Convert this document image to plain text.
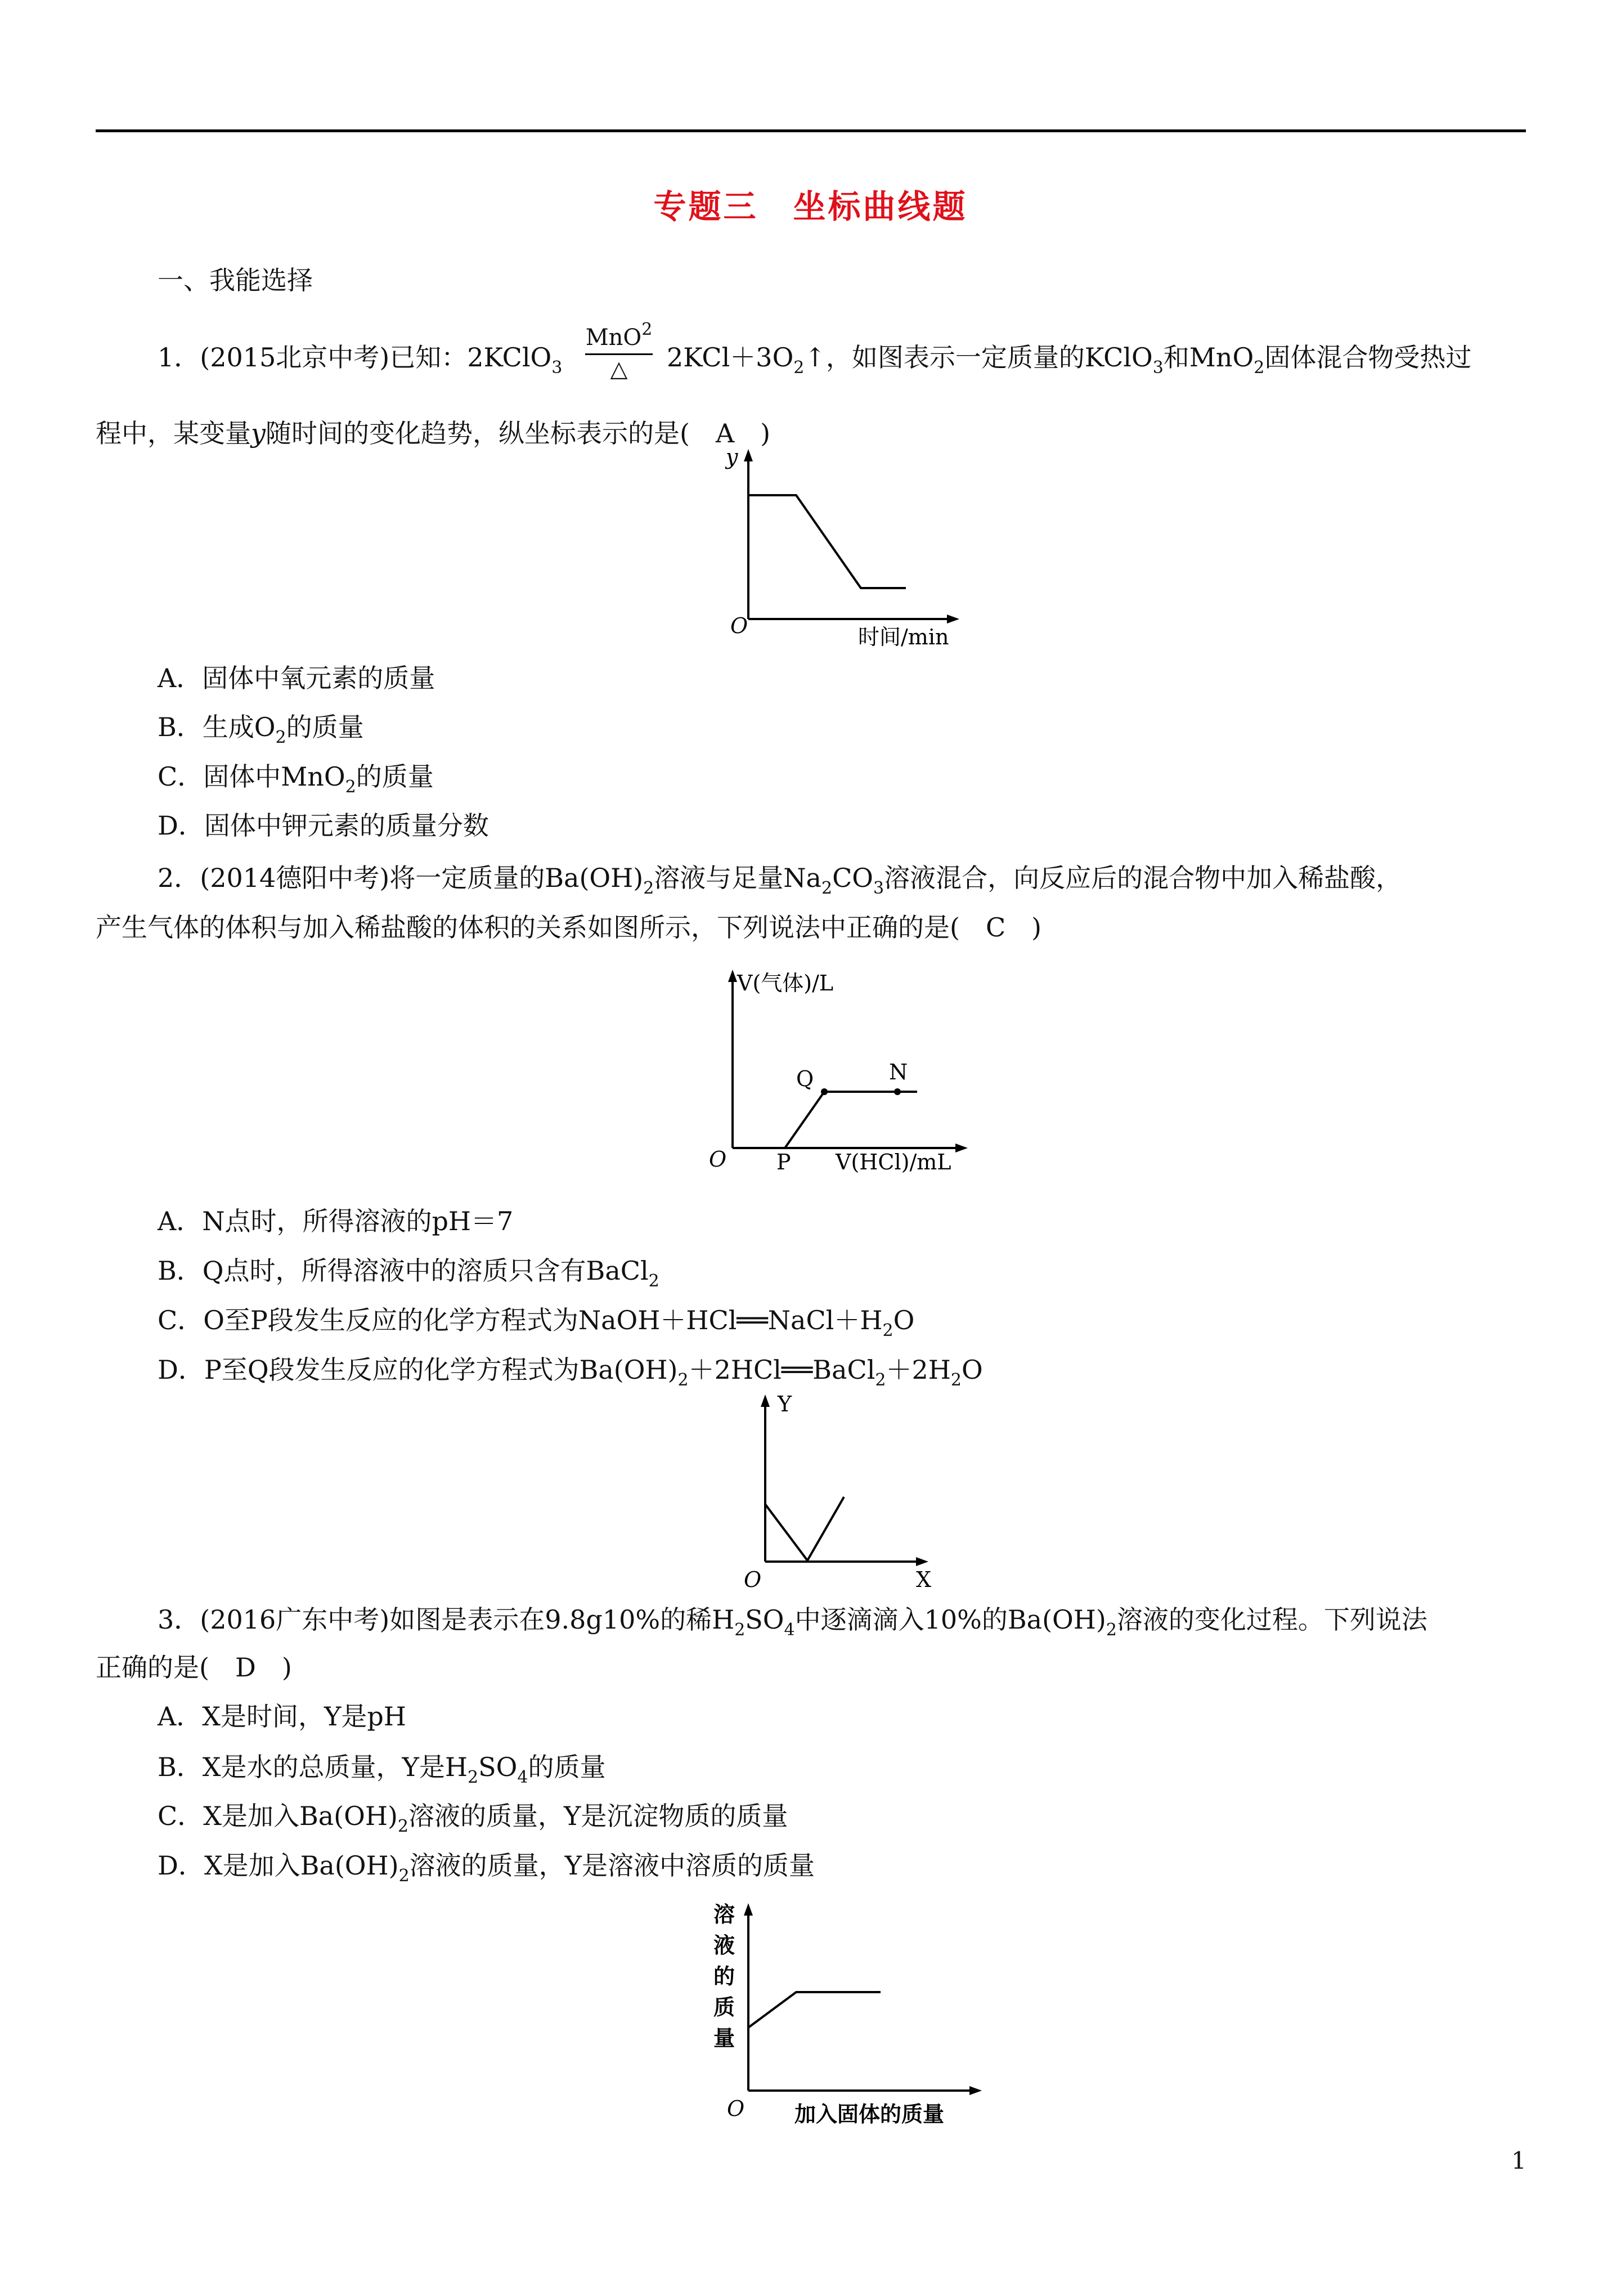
专题三　坐标曲线题
一、我能选择
1．(2015北京中考)已知：2KClO$_3$
MnO$^2$
△	$2KCl+3O_2↑$，如图表示一定质量的KClO$_3$和MnO$_2$固体混合物受热过
程中，某变量y随时间的变化趋势，纵坐标表示的是(　A　)
y
O	时间/min
A．固体中氧元素的质量
B．生成$O_2$的质量
C．固体中MnO$_2$的质量
D．固体中钾元素的质量分数
2．(2014德阳中考)将一定质量的$Ba(OH)_2$溶液与足量$Na_2CO_3$溶液混合，向反应后的混合物中加入稀盐酸，
产生气体的体积与加入稀盐酸的体积的关系如图所示，下列说法中正确的是(　C　)
V(气体)/L
O P
Q	N
V(HCl)/mL
A．N点时，所得溶液的pH＝7
B．Q点时，所得溶液中的溶质只含有BaCl$_2$
C．O至P段发生反应的化学方程式为$NaOH+HCl══NaCl+H_2O$
D．P至Q段发生反应的化学方程式为$Ba(OH)_2+2HCl══BaCl_2+2H_2O$
Y
O	X
3．(2016广东中考)如图是表示在9.8g10%的稀$H_2SO_4$中逐滴滴入10%的$Ba(OH)_2$溶液的变化过程。下列说法
正确的是(　D　)
A．X是时间，Y是pH
B．X是水的总质量，Y是$H_2SO_4$的质量
C．X是加入$Ba(OH)_2$溶液的质量，Y是沉淀物质的质量
D．X是加入$Ba(OH)_2$溶液的质量，Y是溶液中溶质的质量
溶
液
的
质
量
O 加入固体的质量
1
